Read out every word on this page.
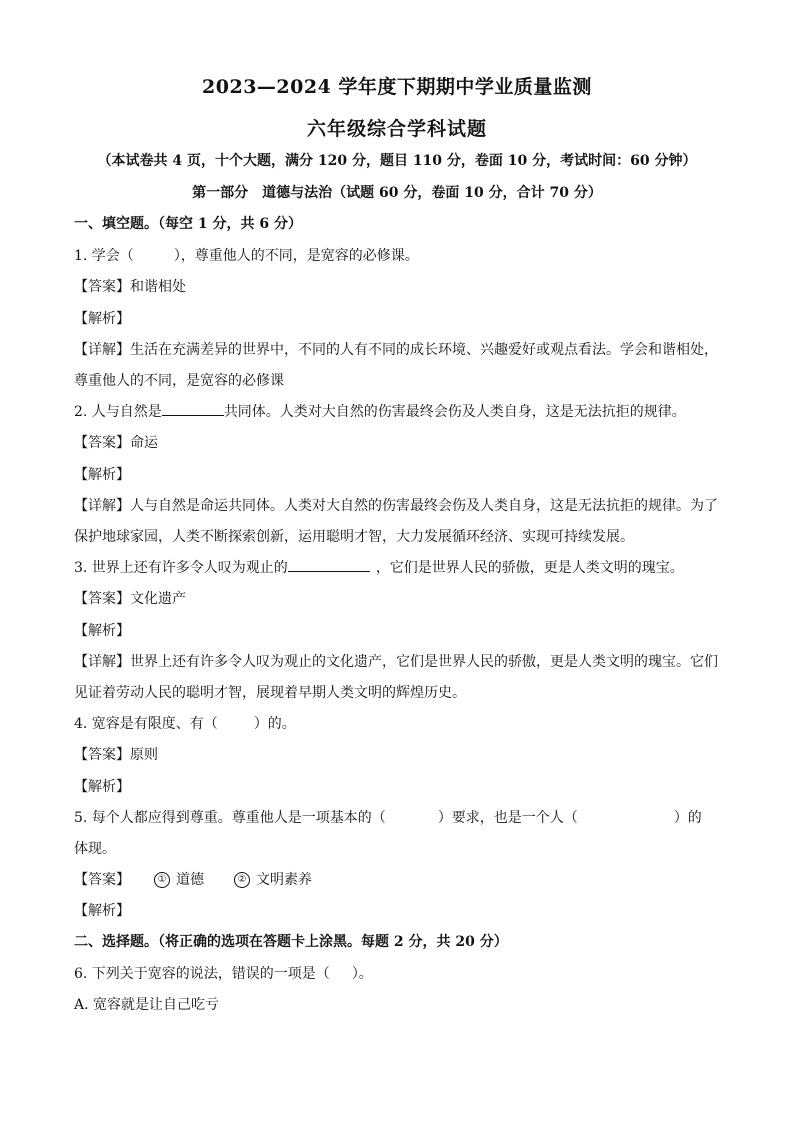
2023—2024 学年度下期期中学业质量监测
六年级综合学科试题
（本试卷共 4 页，十个大题，满分 120 分，题目 110 分，卷面 10 分，考试时间：60 分钟）
第一部分　道德与法治（试题 60 分，卷面 10 分，合计 70 分）
一、填空题。（每空 1 分，共 6 分）
1. 学会（	），尊重他人的不同，是宽容的必修课。
【答案】和谐相处
【解析】
【详解】生活在充满差异的世界中，不同的人有不同的成长环境、兴趣爱好或观点看法。学会和谐相处，
尊重他人的不同，是宽容的必修课
2. 人与自然是	共同体。人类对大自然的伤害最终会伤及人类自身，这是无法抗拒的规律。
【答案】命运
【解析】
【详解】人与自然是命运共同体。人类对大自然的伤害最终会伤及人类自身，这是无法抗拒的规律。为了
保护地球家园，人类不断探索创新，运用聪明才智，大力发展循环经济、实现可持续发展。
3. 世界上还有许多令人叹为观止的	，它们是世界人民的骄傲，更是人类文明的瑰宝。
【答案】文化遗产
【解析】
【详解】世界上还有许多令人叹为观止的文化遗产，它们是世界人民的骄傲，更是人类文明的瑰宝。它们
见证着劳动人民的聪明才智，展现着早期人类文明的辉煌历史。
4. 宽容是有限度、有（	）的。
【答案】原则
【解析】
5. 每个人都应得到尊重。尊重他人是一项基本的（	）要求，也是一个人（	）的
体现。
【答案】	① 道德	② 文明素养
【解析】
二、选择题。（将正确的选项在答题卡上涂黑。每题 2 分，共 20 分）
6. 下列关于宽容的说法，错误的一项是（ ）。
A. 宽容就是让自己吃亏
